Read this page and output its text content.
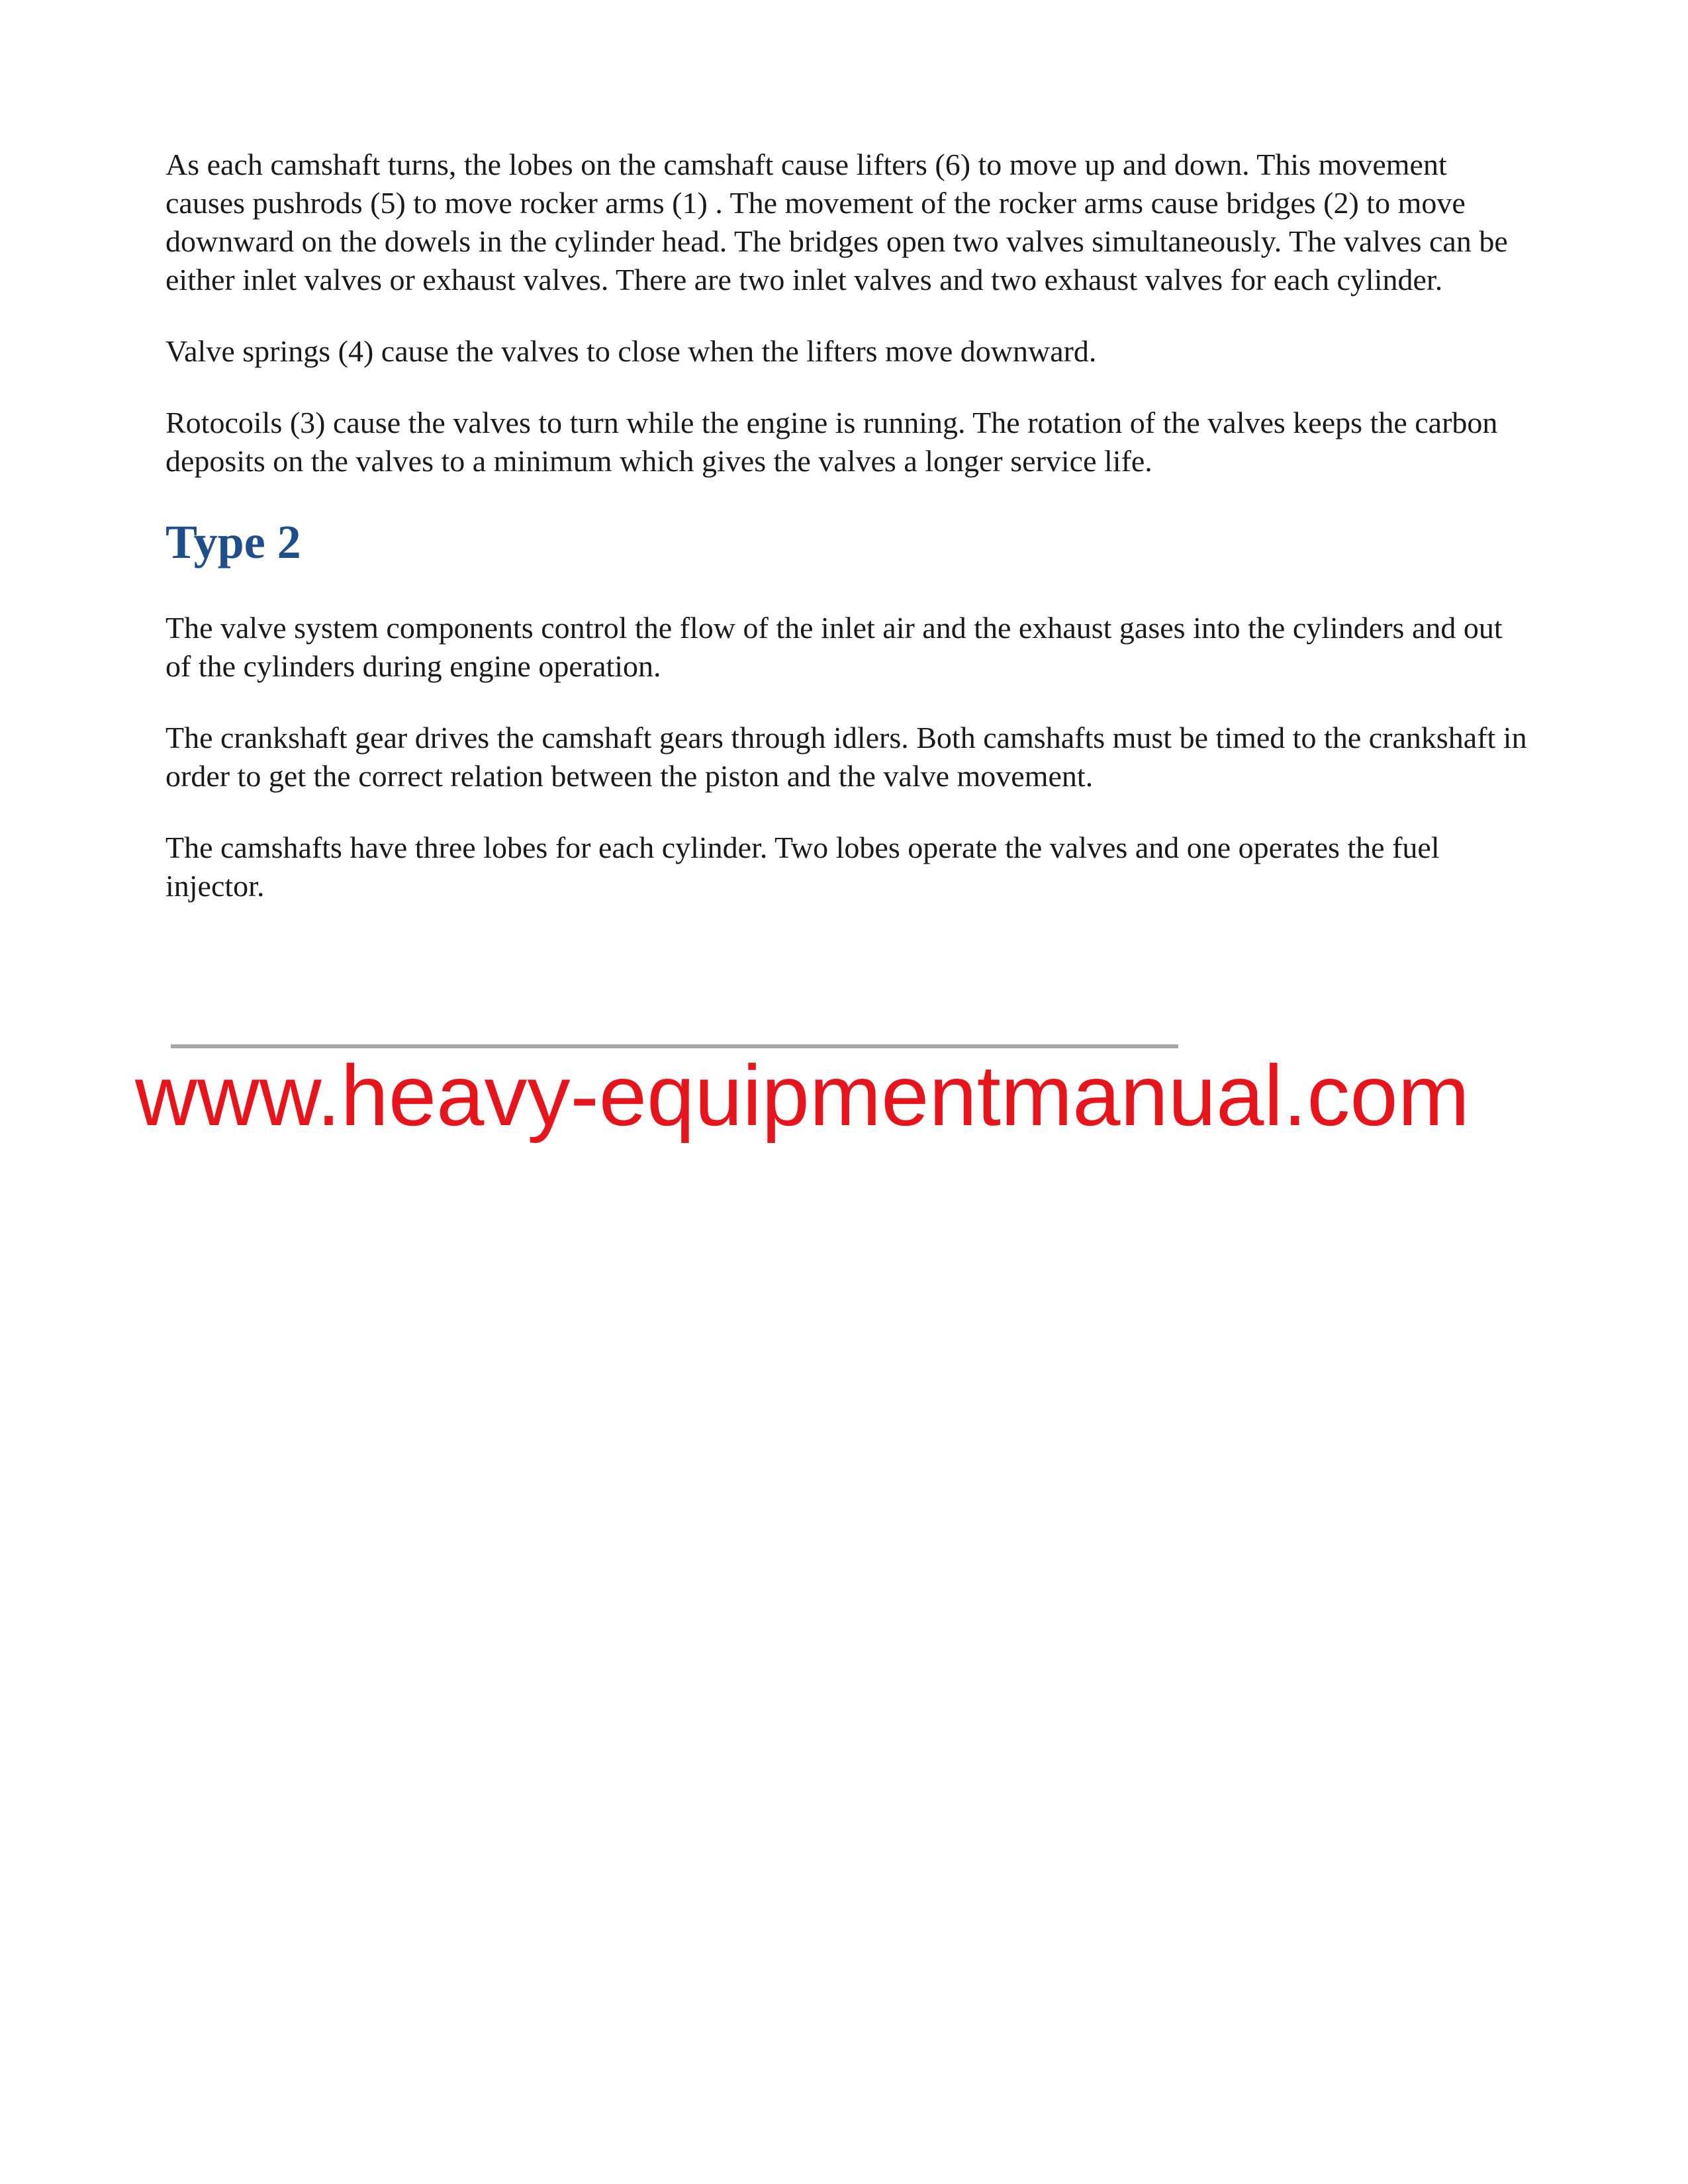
As each camshaft turns, the lobes on the camshaft cause lifters (6) to move up and down. This movement causes pushrods (5) to move rocker arms (1) . The movement of the rocker arms cause bridges (2) to move downward on the dowels in the cylinder head. The bridges open two valves simultaneously. The valves can be either inlet valves or exhaust valves. There are two inlet valves and two exhaust valves for each cylinder.

Valve springs (4) cause the valves to close when the lifters move downward.

Rotocoils (3) cause the valves to turn while the engine is running. The rotation of the valves keeps the carbon deposits on the valves to a minimum which gives the valves a longer service life.

Type 2

The valve system components control the flow of the inlet air and the exhaust gases into the cylinders and out of the cylinders during engine operation.

The crankshaft gear drives the camshaft gears through idlers. Both camshafts must be timed to the crankshaft in order to get the correct relation between the piston and the valve movement.

The camshafts have three lobes for each cylinder. Two lobes operate the valves and one operates the fuel injector.

www.heavy-equipmentmanual.com
